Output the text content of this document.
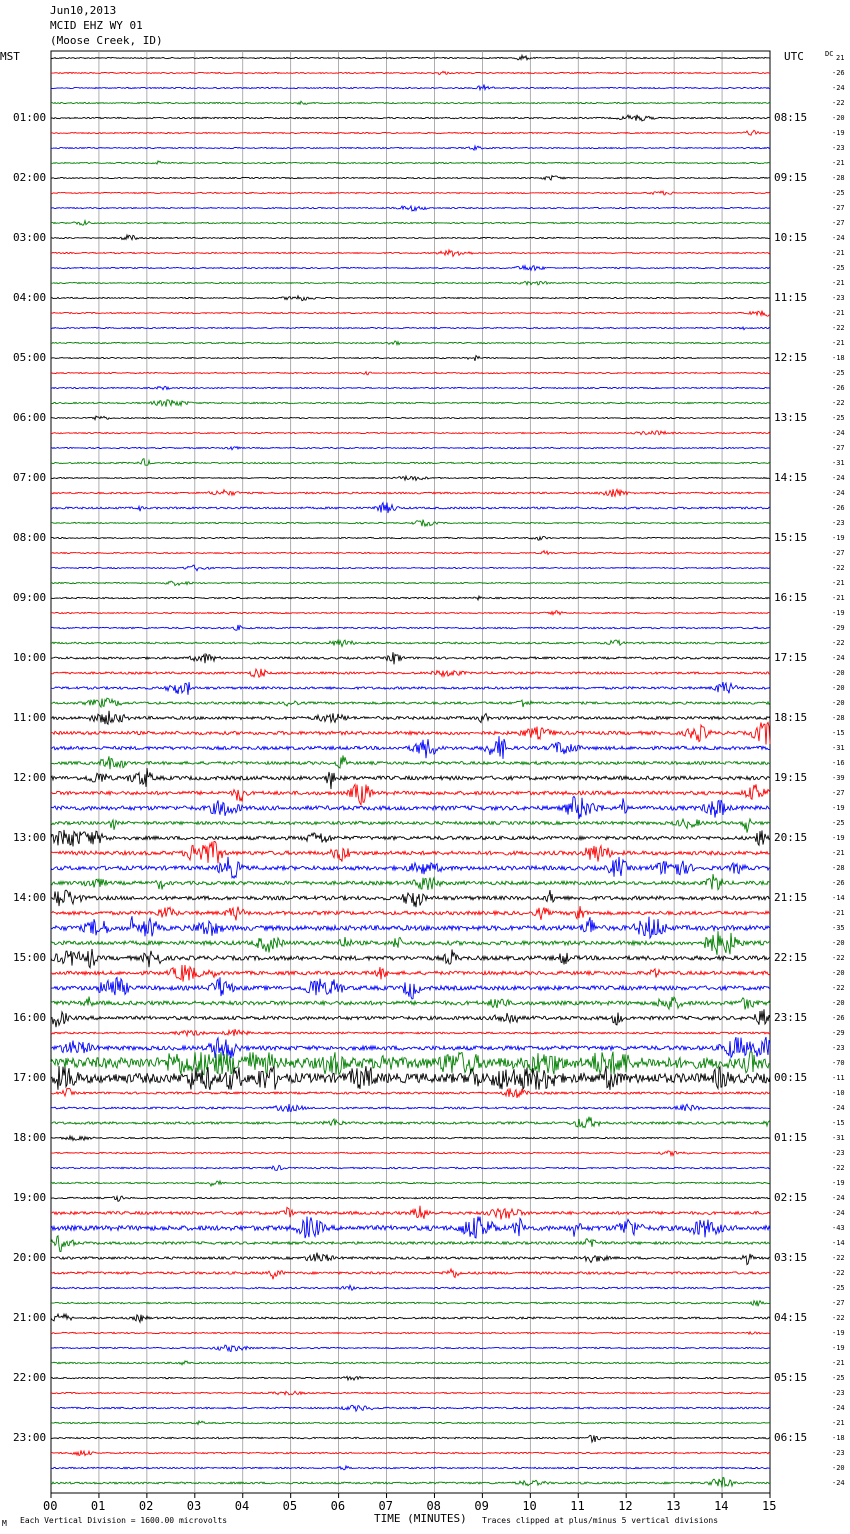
Jun10,2013
MCID EHZ WY 01
(Moose Creek, ID)
MST	UTC	DC
00	01	02	03	04	05	06	07	08	09	10	11	12	13	14	15
01:00
02:00
03:00
04:00
05:00
06:00
07:00
08:00
09:00
10:00
11:00
12:00
13:00
14:00
15:00
16:00
17:00
18:00
19:00
20:00
21:00
22:00
23:00
08:15
09:15
10:15
11:15
12:15
13:15
14:15
15:15
16:15
17:15
18:15
19:15
20:15
21:15
22:15
23:15
00:15
01:15
02:15
03:15
04:15
05:15
06:15
21
-26
-24
-22
-20
-19
-23
-21
-28
-25
-27
-27
-24
-21
-25
-21
-23
-21
-22
-21
-18
-25
-26
-22
-25
-24
-27
-31
-24
-24
-26
-23
-19
-27
-22
-21
-21
-19
-29
-22
-24
-20
-20
-20
-28
-15
-31
-16
-39
-27
-19
-25
-19
-21
-28
-26
-14
-21
-35
-20
-22
-20
-22
-20
-26
-29
-23
-70
-11
-10
-24
-15
-31
-23
-22
-19
-24
-24
-43
-14
-22
-22
-25
-27
-22
-19
-19
-21
-25
-23
-24
-21
-18
-23
-20
-24
M Each Vertical Division = 1600.00 microvolts	TIME (MINUTES) Traces clipped at plus/minus 5 vertical divisions
